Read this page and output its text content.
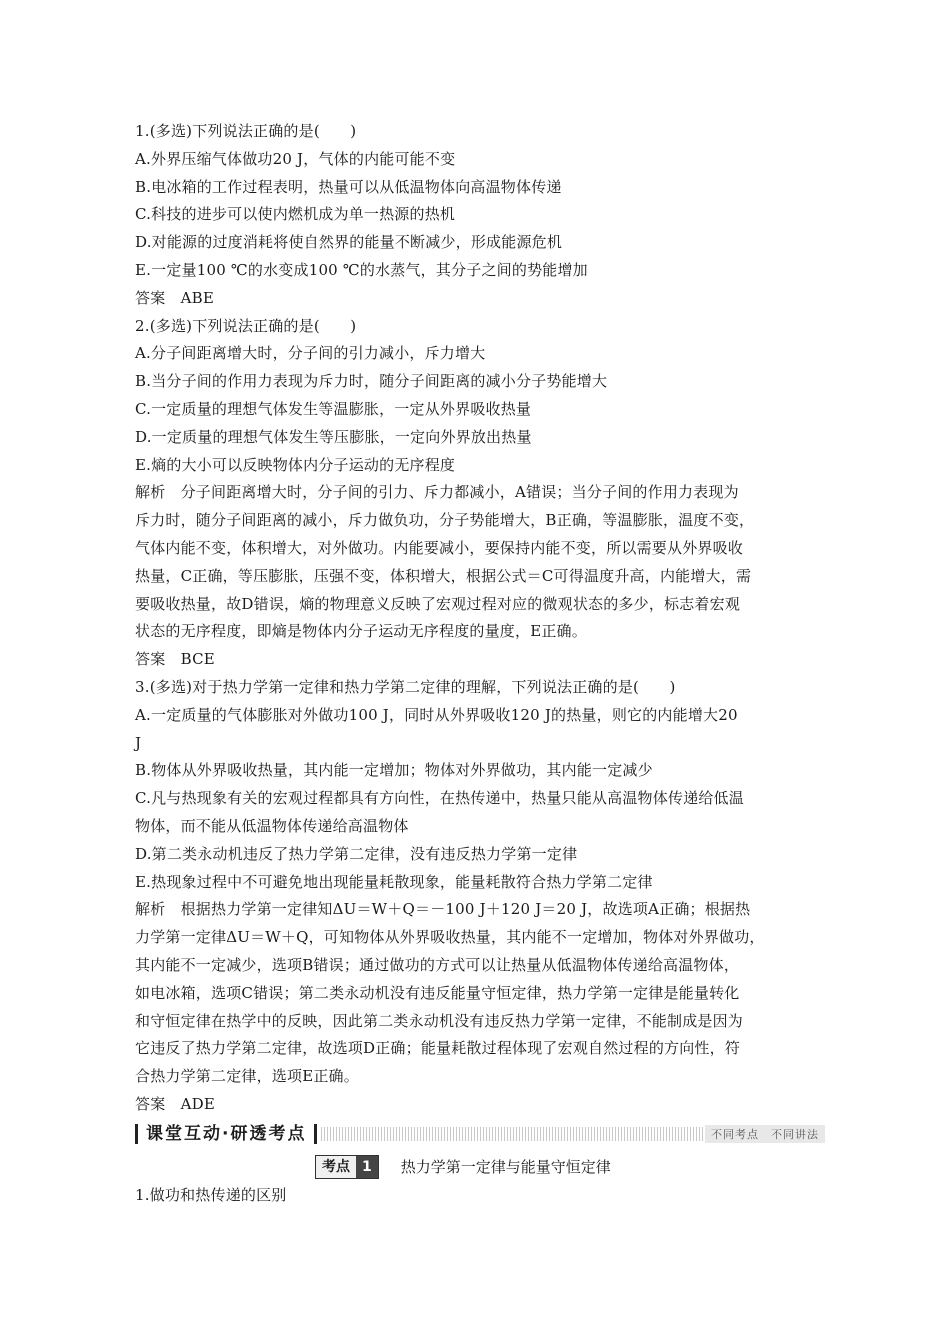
1.(多选)下列说法正确的是(　　)
A.外界压缩气体做功20 J，气体的内能可能不变
B.电冰箱的工作过程表明，热量可以从低温物体向高温物体传递
C.科技的进步可以使内燃机成为单一热源的热机
D.对能源的过度消耗将使自然界的能量不断减少，形成能源危机
E.一定量100 ℃的水变成100 ℃的水蒸气，其分子之间的势能增加
答案　ABE
2.(多选)下列说法正确的是(　　)
A.分子间距离增大时，分子间的引力减小，斥力增大
B.当分子间的作用力表现为斥力时，随分子间距离的减小分子势能增大
C.一定质量的理想气体发生等温膨胀，一定从外界吸收热量
D.一定质量的理想气体发生等压膨胀，一定向外界放出热量
E.熵的大小可以反映物体内分子运动的无序程度
解析　分子间距离增大时，分子间的引力、斥力都减小，A错误；当分子间的作用力表现为
斥力时，随分子间距离的减小，斥力做负功，分子势能增大，B正确，等温膨胀，温度不变，
气体内能不变，体积增大，对外做功。内能要减小，要保持内能不变，所以需要从外界吸收
热量，C正确，等压膨胀，压强不变，体积增大，根据公式＝C可得温度升高，内能增大，需
要吸收热量，故D错误，熵的物理意义反映了宏观过程对应的微观状态的多少，标志着宏观
状态的无序程度，即熵是物体内分子运动无序程度的量度，E正确。
答案　BCE
3.(多选)对于热力学第一定律和热力学第二定律的理解，下列说法正确的是(　　)
A.一定质量的气体膨胀对外做功100 J，同时从外界吸收120 J的热量，则它的内能增大20
J
B.物体从外界吸收热量，其内能一定增加；物体对外界做功，其内能一定减少
C.凡与热现象有关的宏观过程都具有方向性，在热传递中，热量只能从高温物体传递给低温
物体，而不能从低温物体传递给高温物体
D.第二类永动机违反了热力学第二定律，没有违反热力学第一定律
E.热现象过程中不可避免地出现能量耗散现象，能量耗散符合热力学第二定律
解析　根据热力学第一定律知ΔU＝W＋Q＝－100 J＋120 J＝20 J，故选项A正确；根据热
力学第一定律ΔU＝W＋Q，可知物体从外界吸收热量，其内能不一定增加，物体对外界做功，
其内能不一定减少，选项B错误；通过做功的方式可以让热量从低温物体传递给高温物体，
如电冰箱，选项C错误；第二类永动机没有违反能量守恒定律，热力学第一定律是能量转化
和守恒定律在热学中的反映，因此第二类永动机没有违反热力学第一定律，不能制成是因为
它违反了热力学第二定律，故选项D正确；能量耗散过程体现了宏观自然过程的方向性，符
合热力学第二定律，选项E正确。
答案　ADE
课堂互动·研透考点	不同考点　不同讲法
考点 1	热力学第一定律与能量守恒定律
1.做功和热传递的区别
